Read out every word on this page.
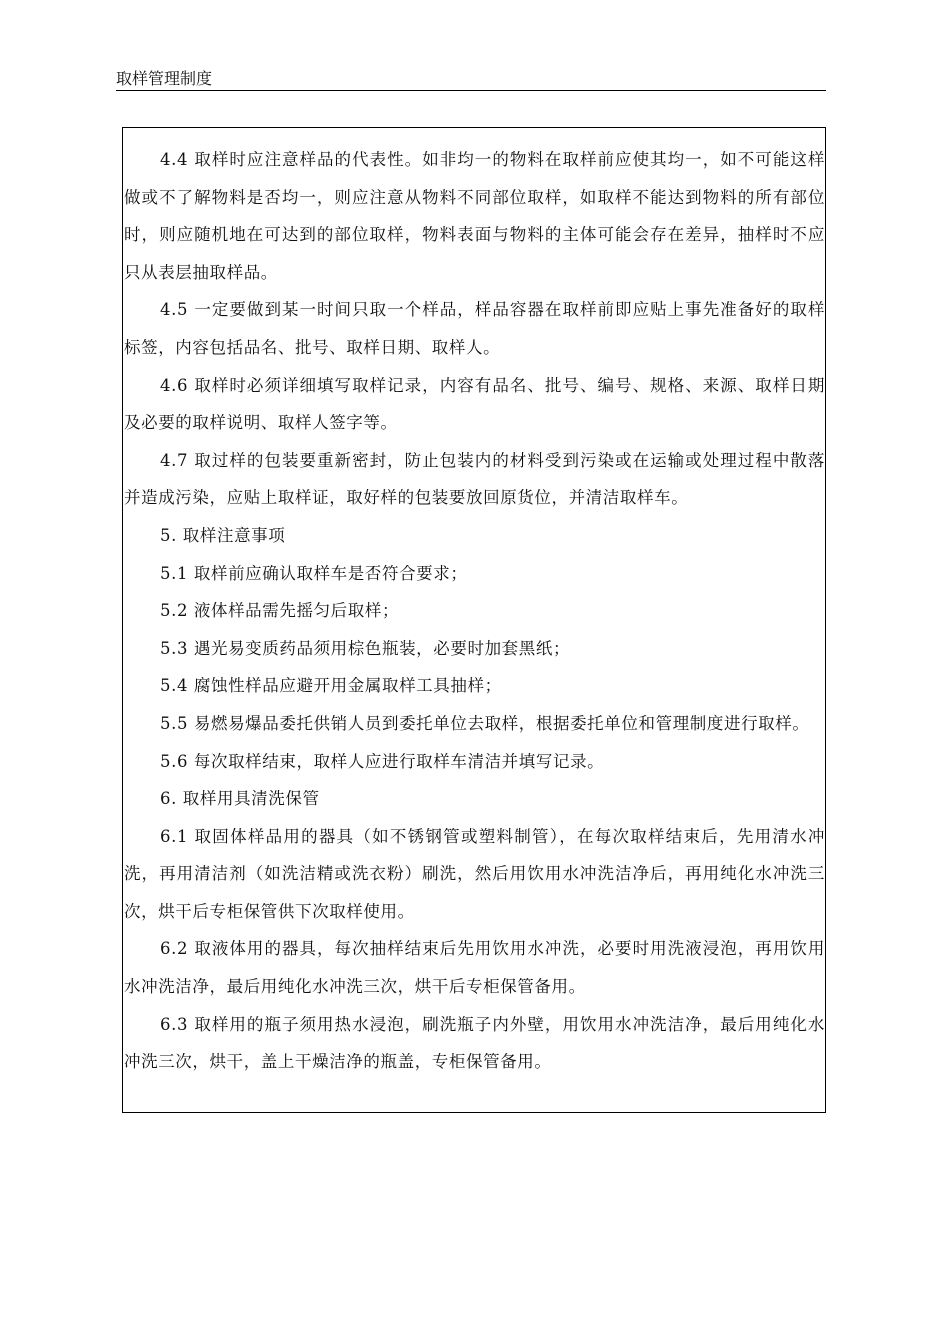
取样管理制度

4.4 取样时应注意样品的代表性。如非均一的物料在取样前应使其均一，如不可能这样做或不了解物料是否均一，则应注意从物料不同部位取样，如取样不能达到物料的所有部位时，则应随机地在可达到的部位取样，物料表面与物料的主体可能会存在差异，抽样时不应只从表层抽取样品。

4.5 一定要做到某一时间只取一个样品，样品容器在取样前即应贴上事先准备好的取样标签，内容包括品名、批号、取样日期、取样人。

4.6 取样时必须详细填写取样记录，内容有品名、批号、编号、规格、来源、取样日期及必要的取样说明、取样人签字等。

4.7 取过样的包装要重新密封，防止包装内的材料受到污染或在运输或处理过程中散落并造成污染，应贴上取样证，取好样的包装要放回原货位，并清洁取样车。

5. 取样注意事项

5.1 取样前应确认取样车是否符合要求；

5.2 液体样品需先摇匀后取样；

5.3 遇光易变质药品须用棕色瓶装，必要时加套黑纸；

5.4 腐蚀性样品应避开用金属取样工具抽样；

5.5 易燃易爆品委托供销人员到委托单位去取样，根据委托单位和管理制度进行取样。

5.6 每次取样结束，取样人应进行取样车清洁并填写记录。

6. 取样用具清洗保管

6.1 取固体样品用的器具（如不锈钢管或塑料制管），在每次取样结束后，先用清水冲洗，再用清洁剂（如洗洁精或洗衣粉）刷洗，然后用饮用水冲洗洁净后，再用纯化水冲洗三次，烘干后专柜保管供下次取样使用。

6.2 取液体用的器具，每次抽样结束后先用饮用水冲洗，必要时用洗液浸泡，再用饮用水冲洗洁净，最后用纯化水冲洗三次，烘干后专柜保管备用。

6.3 取样用的瓶子须用热水浸泡，刷洗瓶子内外壁，用饮用水冲洗洁净，最后用纯化水冲洗三次，烘干，盖上干燥洁净的瓶盖，专柜保管备用。
